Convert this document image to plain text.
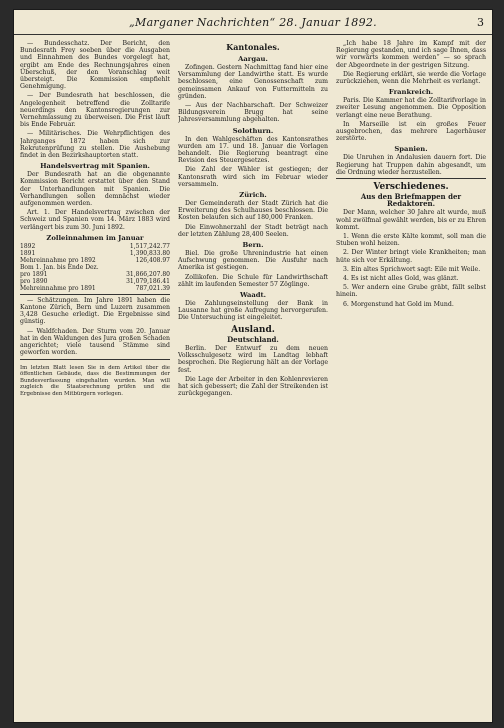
„Marganer Nachrichten“ 28. Januar 1892.	3

— Bundesschatz. Der Bericht, den Bundesrath Frey soeben über die Ausgaben und Einnahmen des Bundes vorgelegt hat, ergibt am Ende des Rechnungsjahres einen Überschuß, der den Voranschlag weit übersteigt. Die Kommission empfiehlt Genehmigung.

— Der Bundesrath hat beschlossen, die Angelegenheit betreffend die Zolltarife neuerdings den Kantonsregierungen zur Vernehmlassung zu überweisen. Die Frist läuft bis Ende Februar.

— Militärisches. Die Wehrpflichtigen des Jahrganges 1872 haben sich zur Rekrutenprüfung zu stellen. Die Aushebung findet in den Bezirkshauptorten statt.

Handelsvertrag mit Spanien.

Der Bundesrath hat an die obgenannte Kommission Bericht erstattet über den Stand der Unterhandlungen mit Spanien. Die Verhandlungen sollen demnächst wieder aufgenommen werden.

Art. 1. Der Handelsvertrag zwischen der Schweiz und Spanien vom 14. März 1883 wird verlängert bis zum 30. Juni 1892.

Zolleinnahmen im Januar
1892	1,517,242.77
1891	1,390,833.80
Mehreinnahme pro 1892	126,408.97
Bom 1. Jan. bis Ende Dez.	
pro 1891	31,866,207.80
pro 1890	31,079,186.41
Mehreinnahme pro 1891	787,021.39

— Schätzungen. Im Jahre 1891 haben die Kantone Zürich, Bern und Luzern zusammen 3,428 Gesuche erledigt. Die Ergebnisse sind günstig.

— Waldfchaden. Der Sturm vom 20. Januar hat in den Waldungen des Jura großen Schaden angerichtet; viele tausend Stämme sind geworfen worden.

Im letzten Blatt lesen Sie in dem Artikel über die öffentlichen Gebäude, dass die Bestimmungen der Bundesverfassung eingehalten wurden. Man will zugleich die Staatsrechnung prüfen und die Ergebnisse den Mitbürgern vorlegen.

Kantonales.
Aargau.

Zofingen. Gestern Nachmittag fand hier eine Versammlung der Landwirthe statt. Es wurde beschlossen, eine Genossenschaft zum gemeinsamen Ankauf von Futtermitteln zu gründen.

— Aus der Nachbarschaft. Der Schweizer Bildungsverein Brugg hat seine Jahresversammlung abgehalten.

Solothurn.

In den Wahlgeschäften des Kantonsrathes wurden am 17. und 18. Januar die Vorlagen behandelt. Die Regierung beantragt eine Revision des Steuergesetzes.

Die Zahl der Wähler ist gestiegen; der Kantonsrath wird sich im Februar wieder versammeln.

Zürich.

Der Gemeinderath der Stadt Zürich hat die Erweiterung des Schulhauses beschlossen. Die Kosten belaufen sich auf 180,000 Franken.

Die Einwohnerzahl der Stadt beträgt nach der letzten Zählung 28,400 Seelen.

Bern.

Biel. Die große Uhrenindustrie hat einen Aufschwung genommen. Die Ausfuhr nach Amerika ist gestiegen.

Zollikofen. Die Schule für Landwirthschaft zählt im laufenden Semester 57 Zöglinge.

Waadt.

Die Zahlungseinstellung der Bank in Lausanne hat große Aufregung hervorgerufen. Die Untersuchung ist eingeleitet.

Ausland.
Deutschland.

Berlin. Der Entwurf zu dem neuen Volksschulgesetz wird im Landtag lebhaft besprochen. Die Regierung hält an der Vorlage fest.

Die Lage der Arbeiter in den Kohlenrevieren hat sich gebessert; die Zahl der Streikenden ist zurückgegangen.

„Ich habe 18 Jahre im Kampf mit der Regierung gestanden, und ich sage Ihnen, dass wir vorwärts kommen werden“ — so sprach der Abgeordnete in der gestrigen Sitzung.

Die Regierung erklärt, sie werde die Vorlage zurückziehen, wenn die Mehrheit es verlangt.

Frankreich.

Paris. Die Kammer hat die Zolltarifvorlage in zweiter Lesung angenommen. Die Opposition verlangt eine neue Berathung.

In Marseille ist ein großes Feuer ausgebrochen, das mehrere Lagerhäuser zerstörte.

Spanien.

Die Unruhen in Andalusien dauern fort. Die Regierung hat Truppen dahin abgesandt, um die Ordnung wieder herzustellen.

Verschiedenes.
Aus den Briefmappen der Redaktoren.

Der Mann, welcher 30 Jahre alt wurde, muß wohl zwölfmal gewählt werden, bis er zu Ehren kommt.

1. Wenn die erste Kälte kommt, soll man die Stuben wohl heizen.

2. Der Winter bringt viele Krankheiten; man hüte sich vor Erkältung.

3. Ein altes Sprichwort sagt: Eile mit Weile.

4. Es ist nicht alles Gold, was glänzt.

5. Wer andern eine Grube gräbt, fällt selbst hinein.

6. Morgenstund hat Gold im Mund.
